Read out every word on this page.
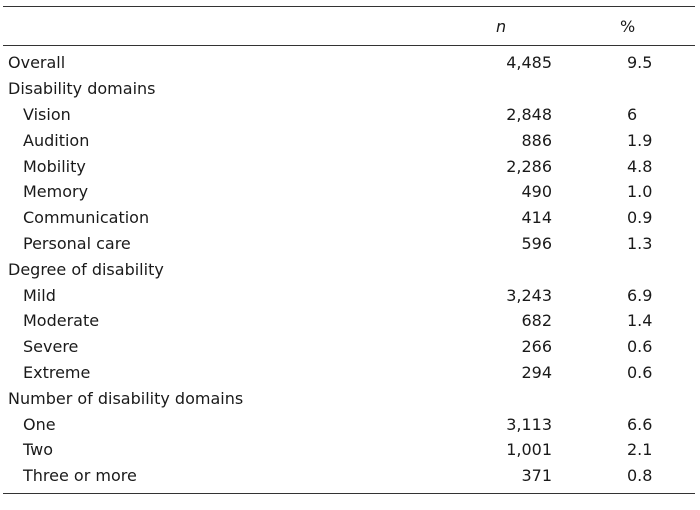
	n	%
Overall	4,485	9.5
Disability domains		
Vision	2,848	6
Audition	886	1.9
Mobility	2,286	4.8
Memory	490	1.0
Communication	414	0.9
Personal care	596	1.3
Degree of disability		
Mild	3,243	6.9
Moderate	682	1.4
Severe	266	0.6
Extreme	294	0.6
Number of disability domains		
One	3,113	6.6
Two	1,001	2.1
Three or more	371	0.8
